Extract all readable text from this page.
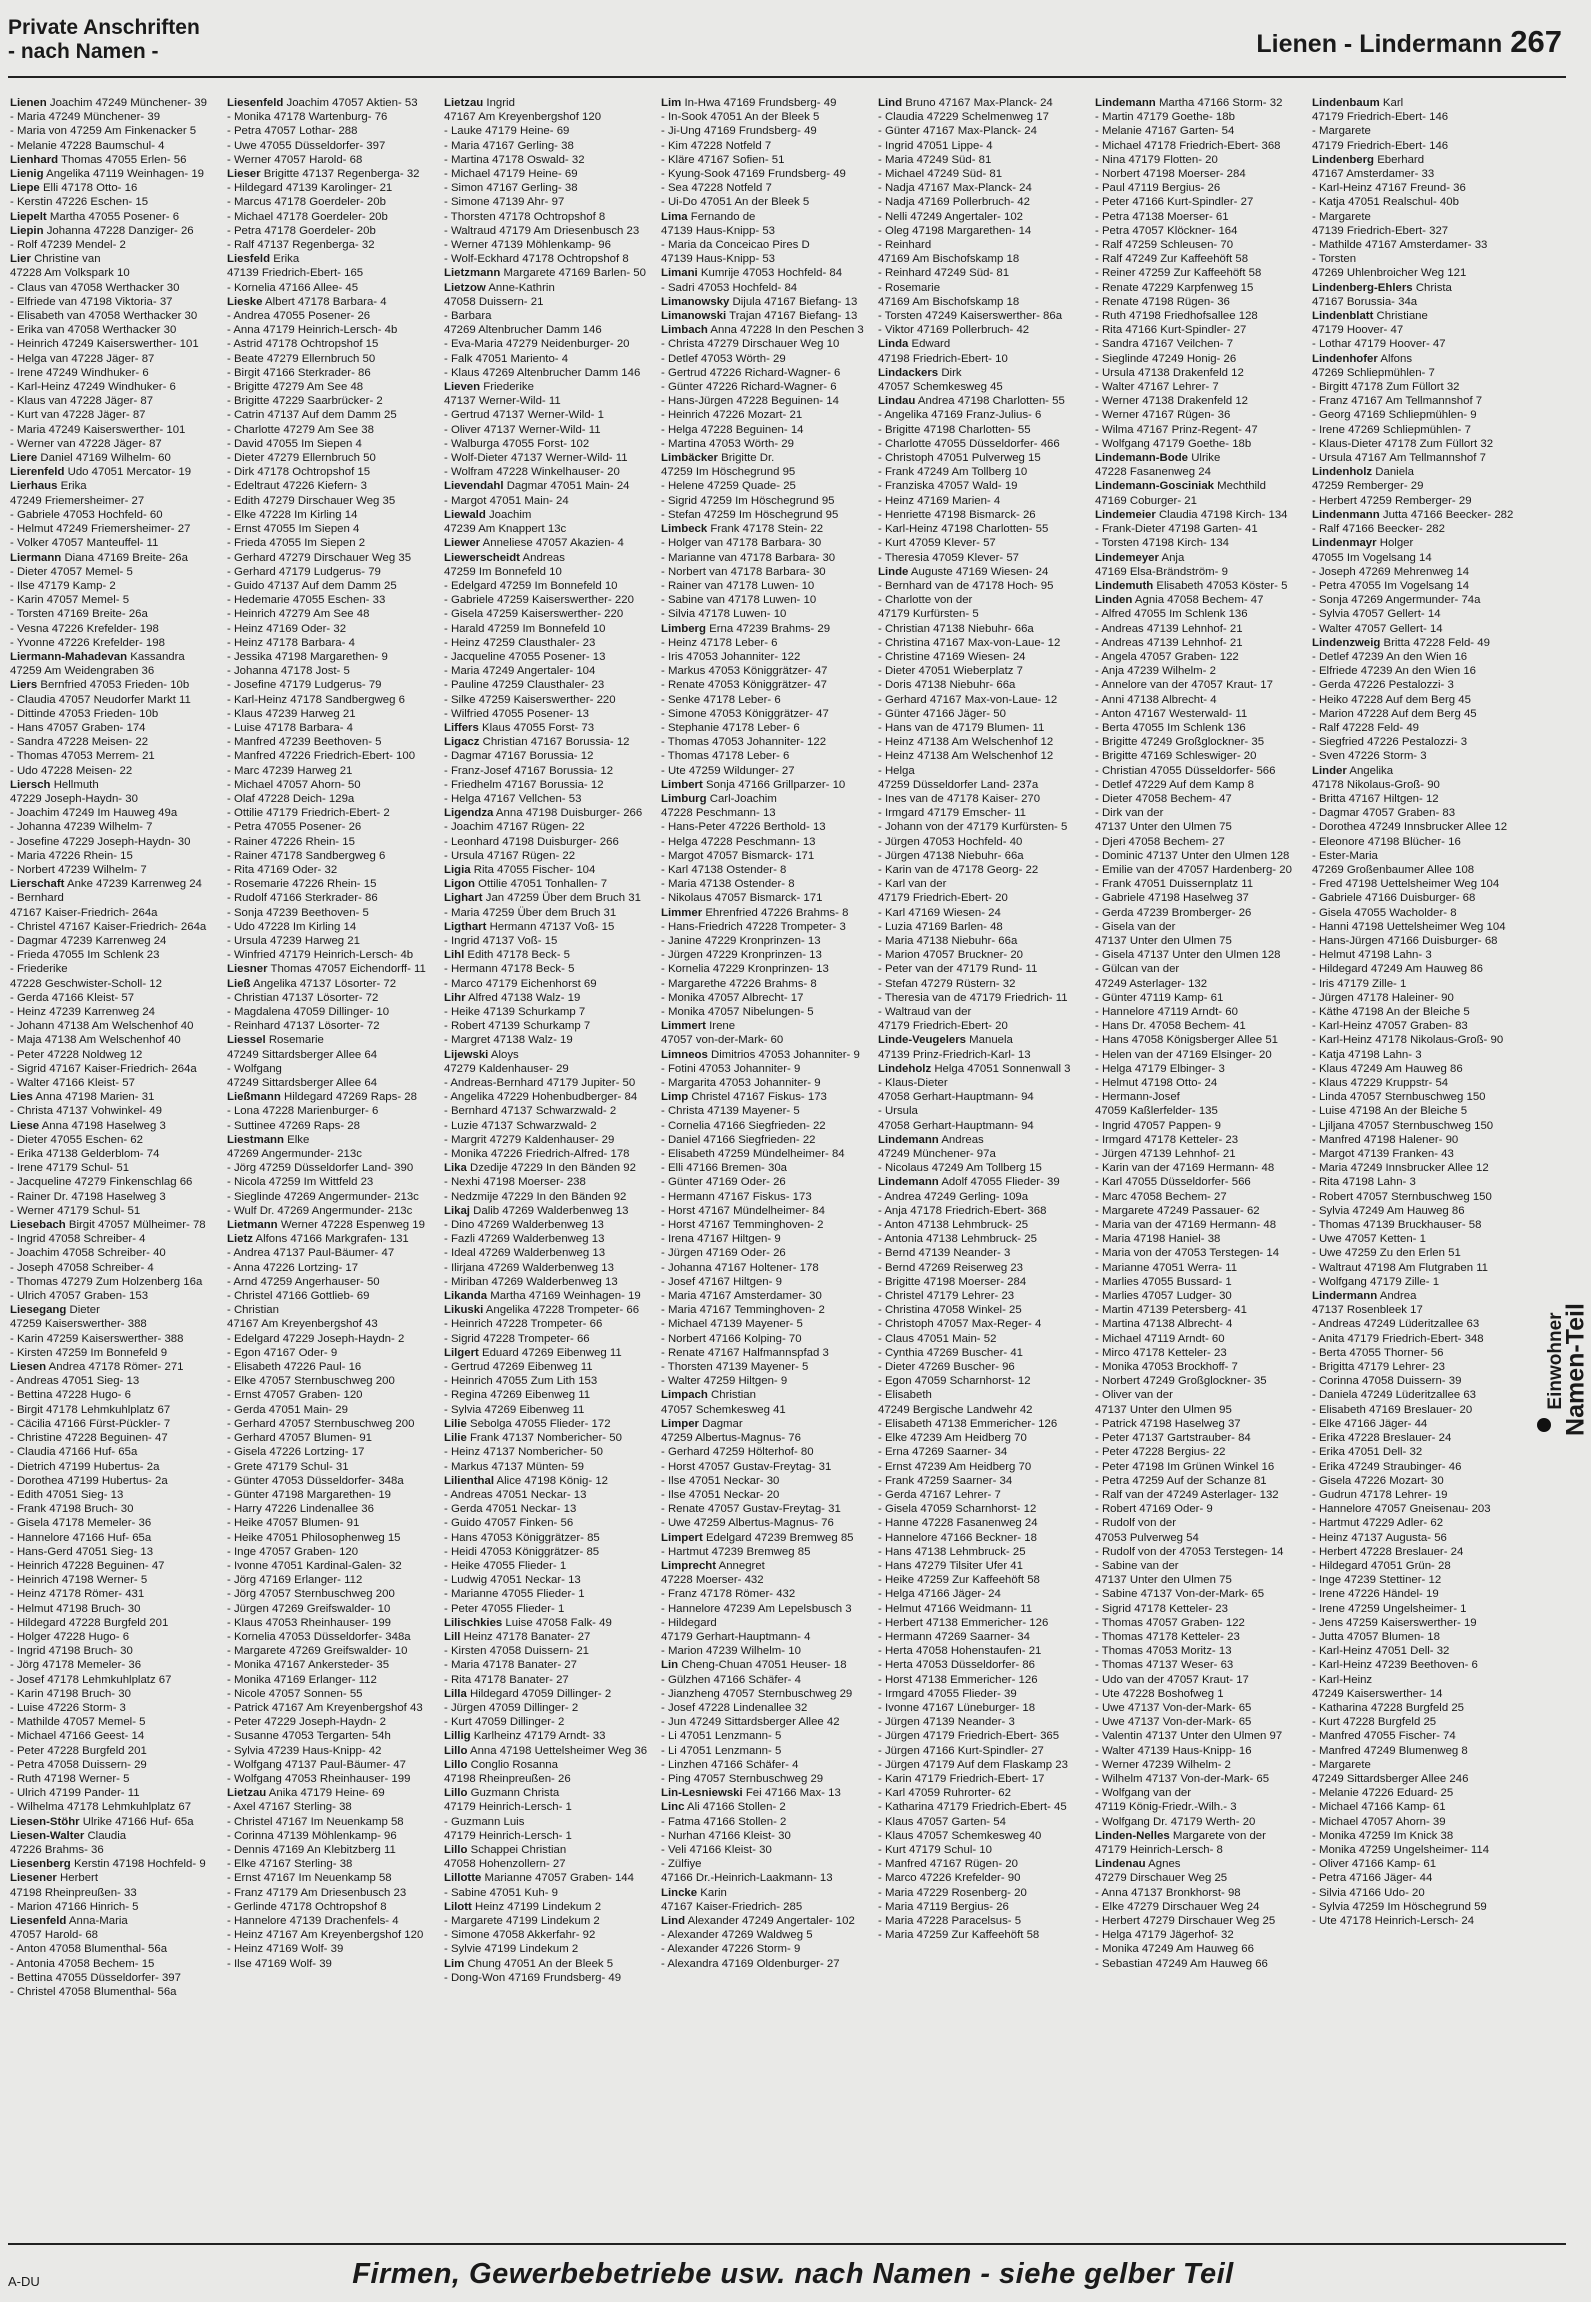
Private Anschriften
- nach Namen -	Lienen - Lindermann 267
Lienen Joachim 47249 Münchener- 39
- Maria 47249 Münchener- 39
- Maria von 47259 Am Finkenacker 5
- Melanie 47228 Baumschul- 4
Lienhard Thomas 47055 Erlen- 56
Lienig Angelika 47119 Weinhagen- 19
Liepe Elli 47178 Otto- 16
- Kerstin 47226 Eschen- 15
Liepelt Martha 47055 Posener- 6
Liepin Johanna 47228 Danziger- 26
- Rolf 47239 Mendel- 2
Lier Christine van
47228 Am Volkspark 10
- Claus van 47058 Werthacker 30
- Elfriede van 47198 Viktoria- 37
- Elisabeth van 47058 Werthacker 30
- Erika van 47058 Werthacker 30
- Heinrich 47249 Kaiserswerther- 101
- Helga van 47228 Jäger- 87
- Irene 47249 Windhuker- 6
- Karl-Heinz 47249 Windhuker- 6
- Klaus van 47228 Jäger- 87
- Kurt van 47228 Jäger- 87
- Maria 47249 Kaiserswerther- 101
- Werner van 47228 Jäger- 87
Liere Daniel 47169 Wilhelm- 60
Lierenfeld Udo 47051 Mercator- 19
Lierhaus Erika
47249 Friemersheimer- 27
- Gabriele 47053 Hochfeld- 60
- Helmut 47249 Friemersheimer- 27
- Volker 47057 Manteuffel- 11
Liermann Diana 47169 Breite- 26a
- Dieter 47057 Memel- 5
- Ilse 47179 Kamp- 2
- Karin 47057 Memel- 5
- Torsten 47169 Breite- 26a
- Vesna 47226 Krefelder- 198
- Yvonne 47226 Krefelder- 198
Liermann-Mahadevan Kassandra
47259 Am Weidengraben 36
Liers Bernfried 47053 Frieden- 10b
- Claudia 47057 Neudorfer Markt 11
- Dittinde 47053 Frieden- 10b
- Hans 47057 Graben- 174
- Sandra 47228 Meisen- 22
- Thomas 47053 Merrem- 21
- Udo 47228 Meisen- 22
Liersch Hellmuth
47229 Joseph-Haydn- 30
- Joachim 47249 Im Hauweg 49a
- Johanna 47239 Wilhelm- 7
- Josefine 47229 Joseph-Haydn- 30
- Maria 47226 Rhein- 15
- Norbert 47239 Wilhelm- 7
Lierschaft Anke 47239 Karrenweg 24
- Bernhard
47167 Kaiser-Friedrich- 264a
- Christel 47167 Kaiser-Friedrich- 264a
- Dagmar 47239 Karrenweg 24
- Frieda 47055 Im Schlenk 23
- Friederike
47228 Geschwister-Scholl- 12
- Gerda 47166 Kleist- 57
- Heinz 47239 Karrenweg 24
- Johann 47138 Am Welschenhof 40
- Maja 47138 Am Welschenhof 40
- Peter 47228 Noldweg 12
- Sigrid 47167 Kaiser-Friedrich- 264a
- Walter 47166 Kleist- 57
Lies Anna 47198 Marien- 31
- Christa 47137 Vohwinkel- 49
Liese Anna 47198 Haselweg 3
- Dieter 47055 Eschen- 62
- Erika 47138 Gelderblom- 74
- Irene 47179 Schul- 51
- Jacqueline 47279 Finkenschlag 66
- Rainer Dr. 47198 Haselweg 3
- Werner 47179 Schul- 51
Liesebach Birgit 47057 Mülheimer- 78
- Ingrid 47058 Schreiber- 4
- Joachim 47058 Schreiber- 40
- Joseph 47058 Schreiber- 4
- Thomas 47279 Zum Holzenberg 16a
- Ulrich 47057 Graben- 153
Liesegang Dieter
47259 Kaiserswerther- 388
- Karin 47259 Kaiserswerther- 388
- Kirsten 47259 Im Bonnefeld 9
Liesen Andrea 47178 Römer- 271
- Andreas 47051 Sieg- 13
- Bettina 47228 Hugo- 6
- Birgit 47178 Lehmkuhlplatz 67
- Cäcilia 47166 Fürst-Pückler- 7
- Christine 47228 Beguinen- 47
- Claudia 47166 Huf- 65a
- Dietrich 47199 Hubertus- 2a
- Dorothea 47199 Hubertus- 2a
- Edith 47051 Sieg- 13
- Frank 47198 Bruch- 30
- Gisela 47178 Memeler- 36
- Hannelore 47166 Huf- 65a
- Hans-Gerd 47051 Sieg- 13
- Heinrich 47228 Beguinen- 47
- Heinrich 47198 Werner- 5
- Heinz 47178 Römer- 431
- Helmut 47198 Bruch- 30
- Hildegard 47228 Burgfeld 201
- Holger 47228 Hugo- 6
- Ingrid 47198 Bruch- 30
- Jörg 47178 Memeler- 36
- Josef 47178 Lehmkuhlplatz 67
- Karin 47198 Bruch- 30
- Luise 47226 Storm- 3
- Mathilde 47057 Memel- 5
- Michael 47166 Geest- 14
- Peter 47228 Burgfeld 201
- Petra 47058 Duissern- 29
- Ruth 47198 Werner- 5
- Ulrich 47199 Pander- 11
- Wilhelma 47178 Lehmkuhlplatz 67
Liesen-Stöhr Ulrike 47166 Huf- 65a
Liesen-Walter Claudia
47226 Brahms- 36
Liesenberg Kerstin 47198 Hochfeld- 9
Liesener Herbert
47198 Rheinpreußen- 33
- Marion 47166 Hinrich- 5
Liesenfeld Anna-Maria
47057 Harold- 68
- Anton 47058 Blumenthal- 56a
- Antonia 47058 Bechem- 15
- Bettina 47055 Düsseldorfer- 397
- Christel 47058 Blumenthal- 56a
Liesenfeld Joachim 47057 Aktien- 53
- Monika 47178 Wartenburg- 76
- Petra 47057 Lothar- 288
- Uwe 47055 Düsseldorfer- 397
- Werner 47057 Harold- 68
Lieser Brigitte 47137 Regenberga- 32
- Hildegard 47139 Karolinger- 21
- Marcus 47178 Goerdeler- 20b
- Michael 47178 Goerdeler- 20b
- Petra 47178 Goerdeler- 20b
- Ralf 47137 Regenberga- 32
Liesfeld Erika
47139 Friedrich-Ebert- 165
- Kornelia 47166 Allee- 45
Lieske Albert 47178 Barbara- 4
- Andrea 47055 Posener- 26
- Anna 47179 Heinrich-Lersch- 4b
- Astrid 47178 Ochtropshof 15
- Beate 47279 Ellernbruch 50
- Birgit 47166 Sterkrader- 86
- Brigitte 47279 Am See 48
- Brigitte 47229 Saarbrücker- 2
- Catrin 47137 Auf dem Damm 25
- Charlotte 47279 Am See 38
- David 47055 Im Siepen 4
- Dieter 47279 Ellernbruch 50
- Dirk 47178 Ochtropshof 15
- Edeltraut 47226 Kiefern- 3
- Edith 47279 Dirschauer Weg 35
- Elke 47228 Im Kirling 14
- Ernst 47055 Im Siepen 4
- Frieda 47055 Im Siepen 2
- Gerhard 47279 Dirschauer Weg 35
- Gerhard 47179 Ludgerus- 79
- Guido 47137 Auf dem Damm 25
- Hedemarie 47055 Eschen- 33
- Heinrich 47279 Am See 48
- Heinz 47169 Oder- 32
- Heinz 47178 Barbara- 4
- Jessika 47198 Margarethen- 9
- Johanna 47178 Jost- 5
- Josefine 47179 Ludgerus- 79
- Karl-Heinz 47178 Sandbergweg 6
- Klaus 47239 Harweg 21
- Luise 47178 Barbara- 4
- Manfred 47239 Beethoven- 5
- Manfred 47226 Friedrich-Ebert- 100
- Marc 47239 Harweg 21
- Michael 47057 Ahorn- 50
- Olaf 47228 Deich- 129a
- Ottilie 47179 Friedrich-Ebert- 2
- Petra 47055 Posener- 26
- Rainer 47226 Rhein- 15
- Rainer 47178 Sandbergweg 6
- Rita 47169 Oder- 32
- Rosemarie 47226 Rhein- 15
- Rudolf 47166 Sterkrader- 86
- Sonja 47239 Beethoven- 5
- Udo 47228 Im Kirling 14
- Ursula 47239 Harweg 21
- Winfried 47179 Heinrich-Lersch- 4b
Liesner Thomas 47057 Eichendorff- 11
Ließ Angelika 47137 Lösorter- 72
- Christian 47137 Lösorter- 72
- Magdalena 47059 Dillinger- 10
- Reinhard 47137 Lösorter- 72
Liessel Rosemarie
47249 Sittardsberger Allee 64
- Wolfgang
47249 Sittardsberger Allee 64
Ließmann Hildegard 47269 Raps- 28
- Lona 47228 Marienburger- 6
- Suttinee 47269 Raps- 28
Liestmann Elke
47269 Angermunder- 213c
- Jörg 47259 Düsseldorfer Land- 390
- Nicola 47259 Im Wittfeld 23
- Sieglinde 47269 Angermunder- 213c
- Wulf Dr. 47269 Angermunder- 213c
Lietmann Werner 47228 Espenweg 19
Lietz Alfons 47166 Markgrafen- 131
- Andrea 47137 Paul-Bäumer- 47
- Anna 47226 Lortzing- 17
- Arnd 47259 Angerhauser- 50
- Christel 47166 Gottlieb- 69
- Christian
47167 Am Kreyenbergshof 43
- Edelgard 47229 Joseph-Haydn- 2
- Egon 47167 Oder- 9
- Elisabeth 47226 Paul- 16
- Elke 47057 Sternbuschweg 200
- Ernst 47057 Graben- 120
- Gerda 47051 Main- 29
- Gerhard 47057 Sternbuschweg 200
- Gerhard 47057 Blumen- 91
- Gisela 47226 Lortzing- 17
- Grete 47179 Schul- 31
- Günter 47053 Düsseldorfer- 348a
- Günter 47198 Margarethen- 19
- Harry 47226 Lindenallee 36
- Heike 47057 Blumen- 91
- Heike 47051 Philosophenweg 15
- Inge 47057 Graben- 120
- Ivonne 47051 Kardinal-Galen- 32
- Jörg 47169 Erlanger- 112
- Jörg 47057 Sternbuschweg 200
- Jürgen 47269 Greifswalder- 10
- Klaus 47053 Rheinhauser- 199
- Kornelia 47053 Düsseldorfer- 348a
- Margarete 47269 Greifswalder- 10
- Monika 47167 Ankersteder- 35
- Monika 47169 Erlanger- 112
- Nicole 47057 Sonnen- 55
- Patrick 47167 Am Kreyenbergshof 43
- Peter 47229 Joseph-Haydn- 2
- Susanne 47053 Tergarten- 54h
- Sylvia 47239 Haus-Knipp- 42
- Wolfgang 47137 Paul-Bäumer- 47
- Wolfgang 47053 Rheinhauser- 199
Lietzau Anika 47179 Heine- 69
- Axel 47167 Sterling- 38
- Christel 47167 Im Neuenkamp 58
- Corinna 47139 Möhlenkamp- 96
- Dennis 47169 An Klebitzberg 11
- Elke 47167 Sterling- 38
- Ernst 47167 Im Neuenkamp 58
- Franz 47179 Am Driesenbusch 23
- Gerlinde 47178 Ochtropshof 8
- Hannelore 47139 Drachenfels- 4
- Heinz 47167 Am Kreyenbergshof 120
- Heinz 47169 Wolf- 39
- Ilse 47169 Wolf- 39
Lietzau Ingrid
47167 Am Kreyenbergshof 120
- Lauke 47179 Heine- 69
- Maria 47167 Gerling- 38
- Martina 47178 Oswald- 32
- Michael 47179 Heine- 69
- Simon 47167 Gerling- 38
- Simone 47139 Ahr- 97
- Thorsten 47178 Ochtropshof 8
- Waltraud 47179 Am Driesenbusch 23
- Werner 47139 Möhlenkamp- 96
- Wolf-Eckhard 47178 Ochtropshof 8
Lietzmann Margarete 47169 Barlen- 50
Lietzow Anne-Kathrin
47058 Duissern- 21
- Barbara
47269 Altenbrucher Damm 146
- Eva-Maria 47279 Neidenburger- 20
- Falk 47051 Mariento- 4
- Klaus 47269 Altenbrucher Damm 146
Lieven Friederike
47137 Werner-Wild- 11
- Gertrud 47137 Werner-Wild- 1
- Oliver 47137 Werner-Wild- 11
- Walburga 47055 Forst- 102
- Wolf-Dieter 47137 Werner-Wild- 11
- Wolfram 47228 Winkelhauser- 20
Lievendahl Dagmar 47051 Main- 24
- Margot 47051 Main- 24
Liewald Joachim
47239 Am Knappert 13c
Liewer Anneliese 47057 Akazien- 4
Liewerscheidt Andreas
47259 Im Bonnefeld 10
- Edelgard 47259 Im Bonnefeld 10
- Gabriele 47259 Kaiserswerther- 220
- Gisela 47259 Kaiserswerther- 220
- Harald 47259 Im Bonnefeld 10
- Heinz 47259 Clausthaler- 23
- Jacqueline 47055 Posener- 13
- Maria 47249 Angertaler- 104
- Pauline 47259 Clausthaler- 23
- Silke 47259 Kaiserswerther- 220
- Wilfried 47055 Posener- 13
Liffers Klaus 47055 Forst- 73
Ligacz Christian 47167 Borussia- 12
- Dagmar 47167 Borussia- 12
- Franz-Josef 47167 Borussia- 12
- Friedhelm 47167 Borussia- 12
- Helga 47167 Vellchen- 53
Ligendza Anna 47198 Duisburger- 266
- Joachim 47167 Rügen- 22
- Leonhard 47198 Duisburger- 266
- Ursula 47167 Rügen- 22
Ligia Rita 47055 Fischer- 104
Ligon Ottilie 47051 Tonhallen- 7
Lighart Jan 47259 Über dem Bruch 31
- Maria 47259 Über dem Bruch 31
Ligthart Hermann 47137 Voß- 15
- Ingrid 47137 Voß- 15
Lihl Edith 47178 Beck- 5
- Hermann 47178 Beck- 5
- Marco 47179 Eichenhorst 69
Lihr Alfred 47138 Walz- 19
- Heike 47139 Schurkamp 7
- Robert 47139 Schurkamp 7
- Margret 47138 Walz- 19
Lijewski Aloys
47279 Kaldenhauser- 29
- Andreas-Bernhard 47179 Jupiter- 50
- Angelika 47229 Hohenbudberger- 84
- Bernhard 47137 Schwarzwald- 2
- Luzie 47137 Schwarzwald- 2
- Margrit 47279 Kaldenhauser- 29
- Monika 47226 Friedrich-Alfred- 178
Lika Dzedije 47229 In den Bänden 92
- Nexhi 47198 Moerser- 238
- Nedzmije 47229 In den Bänden 92
Likaj Dalib 47269 Walderbenweg 13
- Dino 47269 Walderbenweg 13
- Fazli 47269 Walderbenweg 13
- Ideal 47269 Walderbenweg 13
- Ilirjana 47269 Walderbenweg 13
- Miriban 47269 Walderbenweg 13
Likanda Martha 47169 Weinhagen- 19
Likuski Angelika 47228 Trompeter- 66
- Heinrich 47228 Trompeter- 66
- Sigrid 47228 Trompeter- 66
Lilgert Eduard 47269 Eibenweg 11
- Gertrud 47269 Eibenweg 11
- Heinrich 47055 Zum Lith 153
- Regina 47269 Eibenweg 11
- Sylvia 47269 Eibenweg 11
Lilie Sebolga 47055 Flieder- 172
Lilie Frank 47137 Nombericher- 50
- Heinz 47137 Nombericher- 50
- Markus 47137 Münten- 59
Lilienthal Alice 47198 König- 12
- Andreas 47051 Neckar- 13
- Gerda 47051 Neckar- 13
- Guido 47057 Finken- 56
- Hans 47053 Königgrätzer- 85
- Heidi 47053 Königgrätzer- 85
- Heike 47055 Flieder- 1
- Ludwig 47051 Neckar- 13
- Marianne 47055 Flieder- 1
- Peter 47055 Flieder- 1
Lilischkies Luise 47058 Falk- 49
Lill Heinz 47178 Banater- 27
- Kirsten 47058 Duissern- 21
- Maria 47178 Banater- 27
- Rita 47178 Banater- 27
Lilla Hildegard 47059 Dillinger- 2
- Jürgen 47059 Dillinger- 2
- Kurt 47059 Dillinger- 2
Lillig Karlheinz 47179 Arndt- 33
Lillo Anna 47198 Uettelsheimer Weg 36
Lillo Conglio Rosanna
47198 Rheinpreußen- 26
Lillo Guzmann Christa
47179 Heinrich-Lersch- 1
- Guzmann Luis
47179 Heinrich-Lersch- 1
Lillo Schappei Christian
47058 Hohenzollern- 27
Lillotte Marianne 47057 Graben- 144
- Sabine 47051 Kuh- 9
Lilott Heinz 47199 Lindekum 2
- Margarete 47199 Lindekum 2
- Simone 47058 Akkerfahr- 92
- Sylvie 47199 Lindekum 2
Lim Chung 47051 An der Bleek 5
- Dong-Won 47169 Frundsberg- 49
Lim In-Hwa 47169 Frundsberg- 49
- In-Sook 47051 An der Bleek 5
- Ji-Ung 47169 Frundsberg- 49
- Kim 47228 Notfeld 7
- Kläre 47167 Sofien- 51
- Kyung-Sook 47169 Frundsberg- 49
- Sea 47228 Notfeld 7
- Ui-Do 47051 An der Bleek 5
Lima Fernando de
47139 Haus-Knipp- 53
- Maria da Conceicao Pires D
47139 Haus-Knipp- 53
Limani Kumrije 47053 Hochfeld- 84
- Sadri 47053 Hochfeld- 84
Limanowsky Dijula 47167 Biefang- 13
Limanowski Trajan 47167 Biefang- 13
Limbach Anna 47228 In den Peschen 3
- Christa 47279 Dirschauer Weg 10
- Detlef 47053 Wörth- 29
- Gertrud 47226 Richard-Wagner- 6
- Günter 47226 Richard-Wagner- 6
- Hans-Jürgen 47228 Beguinen- 14
- Heinrich 47226 Mozart- 21
- Helga 47228 Beguinen- 14
- Martina 47053 Wörth- 29
Limbäcker Brigitte Dr.
47259 Im Höschegrund 95
- Helene 47259 Quade- 25
- Sigrid 47259 Im Höschegrund 95
- Stefan 47259 Im Höschegrund 95
Limbeck Frank 47178 Stein- 22
- Holger van 47178 Barbara- 30
- Marianne van 47178 Barbara- 30
- Norbert van 47178 Barbara- 30
- Rainer van 47178 Luwen- 10
- Sabine van 47178 Luwen- 10
- Silvia 47178 Luwen- 10
Limberg Erna 47239 Brahms- 29
- Heinz 47178 Leber- 6
- Iris 47053 Johanniter- 122
- Markus 47053 Königgrätzer- 47
- Renate 47053 Königgrätzer- 47
- Senke 47178 Leber- 6
- Simone 47053 Königgrätzer- 47
- Stephanie 47178 Leber- 6
- Thomas 47053 Johanniter- 122
- Thomas 47178 Leber- 6
- Ute 47259 Wildunger- 27
Limbert Sonja 47166 Grillparzer- 10
Limburg Carl-Joachim
47228 Peschmann- 13
- Hans-Peter 47226 Berthold- 13
- Helga 47228 Peschmann- 13
- Margot 47057 Bismarck- 171
- Karl 47138 Ostender- 8
- Maria 47138 Ostender- 8
- Nikolaus 47057 Bismarck- 171
Limmer Ehrenfried 47226 Brahms- 8
- Hans-Friedrich 47228 Trompeter- 3
- Janine 47229 Kronprinzen- 13
- Jürgen 47229 Kronprinzen- 13
- Kornelia 47229 Kronprinzen- 13
- Margarethe 47226 Brahms- 8
- Monika 47057 Albrecht- 17
- Monika 47057 Nibelungen- 5
Limmert Irene
47057 von-der-Mark- 60
Limneos Dimitrios 47053 Johanniter- 9
- Fotini 47053 Johanniter- 9
- Margarita 47053 Johanniter- 9
Limp Christel 47167 Fiskus- 173
- Christa 47139 Mayener- 5
- Cornelia 47166 Siegfrieden- 22
- Daniel 47166 Siegfrieden- 22
- Elisabeth 47259 Mündelheimer- 84
- Elli 47166 Bremen- 30a
- Günter 47169 Oder- 26
- Hermann 47167 Fiskus- 173
- Horst 47167 Mündelheimer- 84
- Horst 47167 Temminghoven- 2
- Irena 47167 Hiltgen- 9
- Jürgen 47169 Oder- 26
- Johanna 47167 Holtener- 178
- Josef 47167 Hiltgen- 9
- Maria 47167 Amsterdamer- 30
- Maria 47167 Temminghoven- 2
- Michael 47139 Mayener- 5
- Norbert 47166 Kolping- 70
- Renate 47167 Halfmannspfad 3
- Thorsten 47139 Mayener- 5
- Walter 47259 Hiltgen- 9
Limpach Christian
47057 Schemkesweg 41
Limper Dagmar
47259 Albertus-Magnus- 76
- Gerhard 47259 Hölterhof- 80
- Horst 47057 Gustav-Freytag- 31
- Ilse 47051 Neckar- 30
- Ilse 47051 Neckar- 20
- Renate 47057 Gustav-Freytag- 31
- Uwe 47259 Albertus-Magnus- 76
Limpert Edelgard 47239 Bremweg 85
- Hartmut 47239 Bremweg 85
Limprecht Annegret
47228 Moerser- 432
- Franz 47178 Römer- 432
- Hannelore 47239 Am Lepelsbusch 3
- Hildegard
47179 Gerhart-Hauptmann- 4
- Marion 47239 Wilhelm- 10
Lin Cheng-Chuan 47051 Heuser- 18
- Gülzhen 47166 Schäfer- 4
- Jianzheng 47057 Sternbuschweg 29
- Josef 47228 Lindenallee 32
- Jun 47249 Sittardsberger Allee 42
- Li 47051 Lenzmann- 5
- Li 47051 Lenzmann- 5
- Linzhen 47166 Schäfer- 4
- Ping 47057 Sternbuschweg 29
Lin-Lesniewski Fei 47166 Max- 13
Linc Ali 47166 Stollen- 2
- Fatma 47166 Stollen- 2
- Nurhan 47166 Kleist- 30
- Veli 47166 Kleist- 30
- Zülfiye
47166 Dr.-Heinrich-Laakmann- 13
Lincke Karin
47167 Kaiser-Friedrich- 285
Lind Alexander 47249 Angertaler- 102
- Alexander 47269 Waldweg 5
- Alexander 47226 Storm- 9
- Alexandra 47169 Oldenburger- 27
Lind Bruno 47167 Max-Planck- 24
- Claudia 47229 Schelmenweg 17
- Günter 47167 Max-Planck- 24
- Ingrid 47051 Lippe- 4
- Maria 47249 Süd- 81
- Michael 47249 Süd- 81
- Nadja 47167 Max-Planck- 24
- Nadja 47169 Pollerbruch- 42
- Nelli 47249 Angertaler- 102
- Oleg 47198 Margarethen- 14
- Reinhard
47169 Am Bischofskamp 18
- Reinhard 47249 Süd- 81
- Rosemarie
47169 Am Bischofskamp 18
- Torsten 47249 Kaiserswerther- 86a
- Viktor 47169 Pollerbruch- 42
Linda Edward
47198 Friedrich-Ebert- 10
Lindackers Dirk
47057 Schemkesweg 45
Lindau Andrea 47198 Charlotten- 55
- Angelika 47169 Franz-Julius- 6
- Brigitte 47198 Charlotten- 55
- Charlotte 47055 Düsseldorfer- 466
- Christoph 47051 Pulverweg 15
- Frank 47249 Am Tollberg 10
- Franziska 47057 Wald- 19
- Heinz 47169 Marien- 4
- Henriette 47198 Bismarck- 26
- Karl-Heinz 47198 Charlotten- 55
- Kurt 47059 Klever- 57
- Theresia 47059 Klever- 57
Linde Auguste 47169 Wiesen- 24
- Bernhard van de 47178 Hoch- 95
- Charlotte von der
47179 Kurfürsten- 5
- Christian 47138 Niebuhr- 66a
- Christina 47167 Max-von-Laue- 12
- Christine 47169 Wiesen- 24
- Dieter 47051 Wieberplatz 7
- Doris 47138 Niebuhr- 66a
- Gerhard 47167 Max-von-Laue- 12
- Günter 47166 Jäger- 50
- Hans van de 47179 Blumen- 11
- Heinz 47138 Am Welschenhof 12
- Heinz 47138 Am Welschenhof 12
- Helga
47259 Düsseldorfer Land- 237a
- Ines van de 47178 Kaiser- 270
- Irmgard 47179 Emscher- 11
- Johann von der 47179 Kurfürsten- 5
- Jürgen 47053 Hochfeld- 40
- Jürgen 47138 Niebuhr- 66a
- Karin van de 47178 Georg- 22
- Karl van der
47179 Friedrich-Ebert- 20
- Karl 47169 Wiesen- 24
- Luzia 47169 Barlen- 48
- Maria 47138 Niebuhr- 66a
- Marion 47057 Bruckner- 20
- Peter van der 47179 Rund- 11
- Stefan 47279 Rüstern- 32
- Theresia van de 47179 Friedrich- 11
- Waltraud van der
47179 Friedrich-Ebert- 20
Linde-Veugelers Manuela
47139 Prinz-Friedrich-Karl- 13
Lindeholz Helga 47051 Sonnenwall 3
- Klaus-Dieter
47058 Gerhart-Hauptmann- 94
- Ursula
47058 Gerhart-Hauptmann- 94
Lindemann Andreas
47249 Münchener- 97a
- Nicolaus 47249 Am Tollberg 15
Lindemann Adolf 47055 Flieder- 39
- Andrea 47249 Gerling- 109a
- Anja 47178 Friedrich-Ebert- 368
- Anton 47138 Lehmbruck- 25
- Antonia 47138 Lehmbruck- 25
- Bernd 47139 Neander- 3
- Bernd 47269 Reiserweg 23
- Brigitte 47198 Moerser- 284
- Christel 47179 Lehrer- 23
- Christina 47058 Winkel- 25
- Christoph 47057 Max-Reger- 4
- Claus 47051 Main- 52
- Cynthia 47269 Buscher- 41
- Dieter 47269 Buscher- 96
- Egon 47059 Scharnhorst- 12
- Elisabeth
47249 Bergische Landwehr 42
- Elisabeth 47138 Emmericher- 126
- Elke 47239 Am Heidberg 70
- Erna 47269 Saarner- 34
- Ernst 47239 Am Heidberg 70
- Frank 47259 Saarner- 34
- Gerda 47167 Lehrer- 7
- Gisela 47059 Scharnhorst- 12
- Hanne 47228 Fasanenweg 24
- Hannelore 47166 Beckner- 18
- Hans 47138 Lehmbruck- 25
- Hans 47279 Tilsiter Ufer 41
- Heike 47259 Zur Kaffeehöft 58
- Helga 47166 Jäger- 24
- Helmut 47166 Weidmann- 11
- Herbert 47138 Emmericher- 126
- Hermann 47269 Saarner- 34
- Herta 47058 Hohenstaufen- 21
- Herta 47053 Düsseldorfer- 86
- Horst 47138 Emmericher- 126
- Irmgard 47055 Flieder- 39
- Ivonne 47167 Lüneburger- 18
- Jürgen 47139 Neander- 3
- Jürgen 47179 Friedrich-Ebert- 365
- Jürgen 47166 Kurt-Spindler- 27
- Jürgen 47179 Auf dem Flaskamp 23
- Karin 47179 Friedrich-Ebert- 17
- Karl 47059 Ruhrorter- 62
- Katharina 47179 Friedrich-Ebert- 45
- Klaus 47057 Garten- 54
- Klaus 47057 Schemkesweg 40
- Kurt 47179 Schul- 10
- Manfred 47167 Rügen- 20
- Marco 47226 Krefelder- 90
- Maria 47229 Rosenberg- 20
- Maria 47119 Bergius- 26
- Maria 47228 Paracelsus- 5
- Maria 47259 Zur Kaffeehöft 58
Lindemann Martha 47166 Storm- 32
- Martin 47179 Goethe- 18b
- Melanie 47167 Garten- 54
- Michael 47178 Friedrich-Ebert- 368
- Nina 47179 Flotten- 20
- Norbert 47198 Moerser- 284
- Paul 47119 Bergius- 26
- Peter 47166 Kurt-Spindler- 27
- Petra 47138 Moerser- 61
- Petra 47057 Klöckner- 164
- Ralf 47259 Schleusen- 70
- Ralf 47249 Zur Kaffeehöft 58
- Reiner 47259 Zur Kaffeehöft 58
- Renate 47229 Karpfenweg 15
- Renate 47198 Rügen- 36
- Ruth 47198 Friedhofsallee 128
- Rita 47166 Kurt-Spindler- 27
- Sandra 47167 Veilchen- 7
- Sieglinde 47249 Honig- 26
- Ursula 47138 Drakenfeld 12
- Walter 47167 Lehrer- 7
- Werner 47138 Drakenfeld 12
- Werner 47167 Rügen- 36
- Wilma 47167 Prinz-Regent- 47
- Wolfgang 47179 Goethe- 18b
Lindemann-Bode Ulrike
47228 Fasanenweg 24
Lindemann-Gosciniak Mechthild
47169 Coburger- 21
Lindemeier Claudia 47198 Kirch- 134
- Frank-Dieter 47198 Garten- 41
- Torsten 47198 Kirch- 134
Lindemeyer Anja
47169 Elsa-Brändström- 9
Lindemuth Elisabeth 47053 Köster- 5
Linden Agnia 47058 Bechem- 47
- Alfred 47055 Im Schlenk 136
- Andreas 47139 Lehnhof- 21
- Andreas 47139 Lehnhof- 21
- Angela 47057 Graben- 122
- Anja 47239 Wilhelm- 2
- Annelore van der 47057 Kraut- 17
- Anni 47138 Albrecht- 4
- Anton 47167 Westerwald- 11
- Berta 47055 Im Schlenk 136
- Brigitte 47249 Großglockner- 35
- Brigitte 47169 Schleswiger- 20
- Christian 47055 Düsseldorfer- 566
- Detlef 47229 Auf dem Kamp 8
- Dieter 47058 Bechem- 47
- Dirk van der
47137 Unter den Ulmen 75
- Djeri 47058 Bechem- 27
- Dominic 47137 Unter den Ulmen 128
- Emilie van der 47057 Hardenberg- 20
- Frank 47051 Duissernplatz 11
- Gabriele 47198 Haselweg 37
- Gerda 47239 Bromberger- 26
- Gisela van der
47137 Unter den Ulmen 75
- Gisela 47137 Unter den Ulmen 128
- Gülcan van der
47249 Asterlager- 132
- Günter 47119 Kamp- 61
- Hannelore 47119 Arndt- 60
- Hans Dr. 47058 Bechem- 41
- Hans 47058 Königsberger Allee 51
- Helen van der 47169 Elsinger- 20
- Helga 47179 Elbinger- 3
- Helmut 47198 Otto- 24
- Hermann-Josef
47059 Kaßlerfelder- 135
- Ingrid 47057 Pappen- 9
- Irmgard 47178 Ketteler- 23
- Jürgen 47139 Lehnhof- 21
- Karin van der 47169 Hermann- 48
- Karl 47055 Düsseldorfer- 566
- Marc 47058 Bechem- 27
- Margarete 47249 Passauer- 62
- Maria van der 47169 Hermann- 48
- Maria 47198 Haniel- 38
- Maria von der 47053 Terstegen- 14
- Marianne 47051 Werra- 11
- Marlies 47055 Bussard- 1
- Marlies 47057 Ludger- 30
- Martin 47139 Petersberg- 41
- Martina 47138 Albrecht- 4
- Michael 47119 Arndt- 60
- Mirco 47178 Ketteler- 23
- Monika 47053 Brockhoff- 7
- Norbert 47249 Großglockner- 35
- Oliver van der
47137 Unter den Ulmen 95
- Patrick 47198 Haselweg 37
- Peter 47137 Gartstrauber- 84
- Peter 47228 Bergius- 22
- Peter 47198 Im Grünen Winkel 16
- Petra 47259 Auf der Schanze 81
- Ralf van der 47249 Asterlager- 132
- Robert 47169 Oder- 9
- Rudolf von der
47053 Pulverweg 54
- Rudolf von der 47053 Terstegen- 14
- Sabine van der
47137 Unter den Ulmen 75
- Sabine 47137 Von-der-Mark- 65
- Sigrid 47178 Ketteler- 23
- Thomas 47057 Graben- 122
- Thomas 47178 Ketteler- 23
- Thomas 47053 Moritz- 13
- Thomas 47137 Weser- 63
- Udo van der 47057 Kraut- 17
- Ute 47228 Boshofweg 1
- Uwe 47137 Von-der-Mark- 65
- Uwe 47137 Von-der-Mark- 65
- Valentin 47137 Unter den Ulmen 97
- Walter 47139 Haus-Knipp- 16
- Werner 47239 Wilhelm- 2
- Wilhelm 47137 Von-der-Mark- 65
- Wolfgang van der
47119 König-Friedr.-Wilh.- 3
- Wolfgang Dr. 47179 Werth- 20
Linden-Nelles Margarete von der
47179 Heinrich-Lersch- 8
Lindenau Agnes
47279 Dirschauer Weg 25
- Anna 47137 Bronkhorst- 98
- Elke 47279 Dirschauer Weg 24
- Herbert 47279 Dirschauer Weg 25
- Helga 47179 Jägerhof- 32
- Monika 47249 Am Hauweg 66
- Sebastian 47249 Am Hauweg 66
Lindenbaum Karl
47179 Friedrich-Ebert- 146
- Margarete
47179 Friedrich-Ebert- 146
Lindenberg Eberhard
47167 Amsterdamer- 33
- Karl-Heinz 47167 Freund- 36
- Katja 47051 Realschul- 40b
- Margarete
47139 Friedrich-Ebert- 327
- Mathilde 47167 Amsterdamer- 33
- Torsten
47269 Uhlenbroicher Weg 121
Lindenberg-Ehlers Christa
47167 Borussia- 34a
Lindenblatt Christiane
47179 Hoover- 47
- Lothar 47179 Hoover- 47
Lindenhofer Alfons
47269 Schliepmühlen- 7
- Birgitt 47178 Zum Füllort 32
- Franz 47167 Am Tellmannshof 7
- Georg 47169 Schliepmühlen- 9
- Irene 47269 Schliepmühlen- 7
- Klaus-Dieter 47178 Zum Füllort 32
- Ursula 47167 Am Tellmannshof 7
Lindenholz Daniela
47259 Remberger- 29
- Herbert 47259 Remberger- 29
Lindenmann Jutta 47166 Beecker- 282
- Ralf 47166 Beecker- 282
Lindenmayr Holger
47055 Im Vogelsang 14
- Joseph 47269 Mehrenweg 14
- Petra 47055 Im Vogelsang 14
- Sonja 47269 Angermunder- 74a
- Sylvia 47057 Gellert- 14
- Walter 47057 Gellert- 14
Lindenzweig Britta 47228 Feld- 49
- Detlef 47239 An den Wien 16
- Elfriede 47239 An den Wien 16
- Gerda 47226 Pestalozzi- 3
- Heiko 47228 Auf dem Berg 45
- Marion 47228 Auf dem Berg 45
- Ralf 47228 Feld- 49
- Siegfried 47226 Pestalozzi- 3
- Sven 47226 Storm- 3
Linder Angelika
47178 Nikolaus-Groß- 90
- Britta 47167 Hiltgen- 12
- Dagmar 47057 Graben- 83
- Dorothea 47249 Innsbrucker Allee 12
- Eleonore 47198 Blücher- 16
- Ester-Maria
47269 Großenbaumer Allee 108
- Fred 47198 Uettelsheimer Weg 104
- Gabriele 47166 Duisburger- 68
- Gisela 47055 Wacholder- 8
- Hanni 47198 Uettelsheimer Weg 104
- Hans-Jürgen 47166 Duisburger- 68
- Helmut 47198 Lahn- 3
- Hildegard 47249 Am Hauweg 86
- Iris 47179 Zille- 1
- Jürgen 47178 Haleiner- 90
- Käthe 47198 An der Bleiche 5
- Karl-Heinz 47057 Graben- 83
- Karl-Heinz 47178 Nikolaus-Groß- 90
- Katja 47198 Lahn- 3
- Klaus 47249 Am Hauweg 86
- Klaus 47229 Kruppstr- 54
- Linda 47057 Sternbuschweg 150
- Luise 47198 An der Bleiche 5
- Ljiljana 47057 Sternbuschweg 150
- Manfred 47198 Halener- 90
- Margot 47139 Franken- 43
- Maria 47249 Innsbrucker Allee 12
- Rita 47198 Lahn- 3
- Robert 47057 Sternbuschweg 150
- Sylvia 47249 Am Hauweg 86
- Thomas 47139 Bruckhauser- 58
- Uwe 47057 Ketten- 1
- Uwe 47259 Zu den Erlen 51
- Waltraut 47198 Am Flutgraben 11
- Wolfgang 47179 Zille- 1
Lindermann Andrea
47137 Rosenbleek 17
- Andreas 47249 Lüderitzallee 63
- Anita 47179 Friedrich-Ebert- 348
- Berta 47055 Thorner- 56
- Brigitta 47179 Lehrer- 23
- Corinna 47058 Duissern- 39
- Daniela 47249 Lüderitzallee 63
- Elisabeth 47169 Breslauer- 20
- Elke 47166 Jäger- 44
- Erika 47228 Breslauer- 24
- Erika 47051 Dell- 32
- Erika 47249 Straubinger- 46
- Gisela 47226 Mozart- 30
- Gudrun 47178 Lehrer- 19
- Hannelore 47057 Gneisenau- 203
- Hartmut 47229 Adler- 62
- Heinz 47137 Augusta- 56
- Herbert 47228 Breslauer- 24
- Hildegard 47051 Grün- 28
- Inge 47239 Stettiner- 12
- Irene 47226 Händel- 19
- Irene 47259 Ungelsheimer- 1
- Jens 47259 Kaiserswerther- 19
- Jutta 47057 Blumen- 18
- Karl-Heinz 47051 Dell- 32
- Karl-Heinz 47239 Beethoven- 6
- Karl-Heinz
47249 Kaiserswerther- 14
- Katharina 47228 Burgfeld 25
- Kurt 47228 Burgfeld 25
- Manfred 47055 Fischer- 74
- Manfred 47249 Blumenweg 8
- Margarete
47249 Sittardsberger Allee 246
- Melanie 47226 Eduard- 25
- Michael 47166 Kamp- 61
- Michael 47057 Ahorn- 39
- Monika 47259 Im Knick 38
- Monika 47259 Ungelsheimer- 114
- Oliver 47166 Kamp- 61
- Petra 47166 Jäger- 44
- Silvia 47166 Udo- 20
- Sylvia 47259 Im Höschegrund 59
- Ute 47178 Heinrich-Lersch- 24
Einwohner
Namen-Teil
Firmen, Gewerbebetriebe usw. nach Namen - siehe gelber Teil
A-DU
